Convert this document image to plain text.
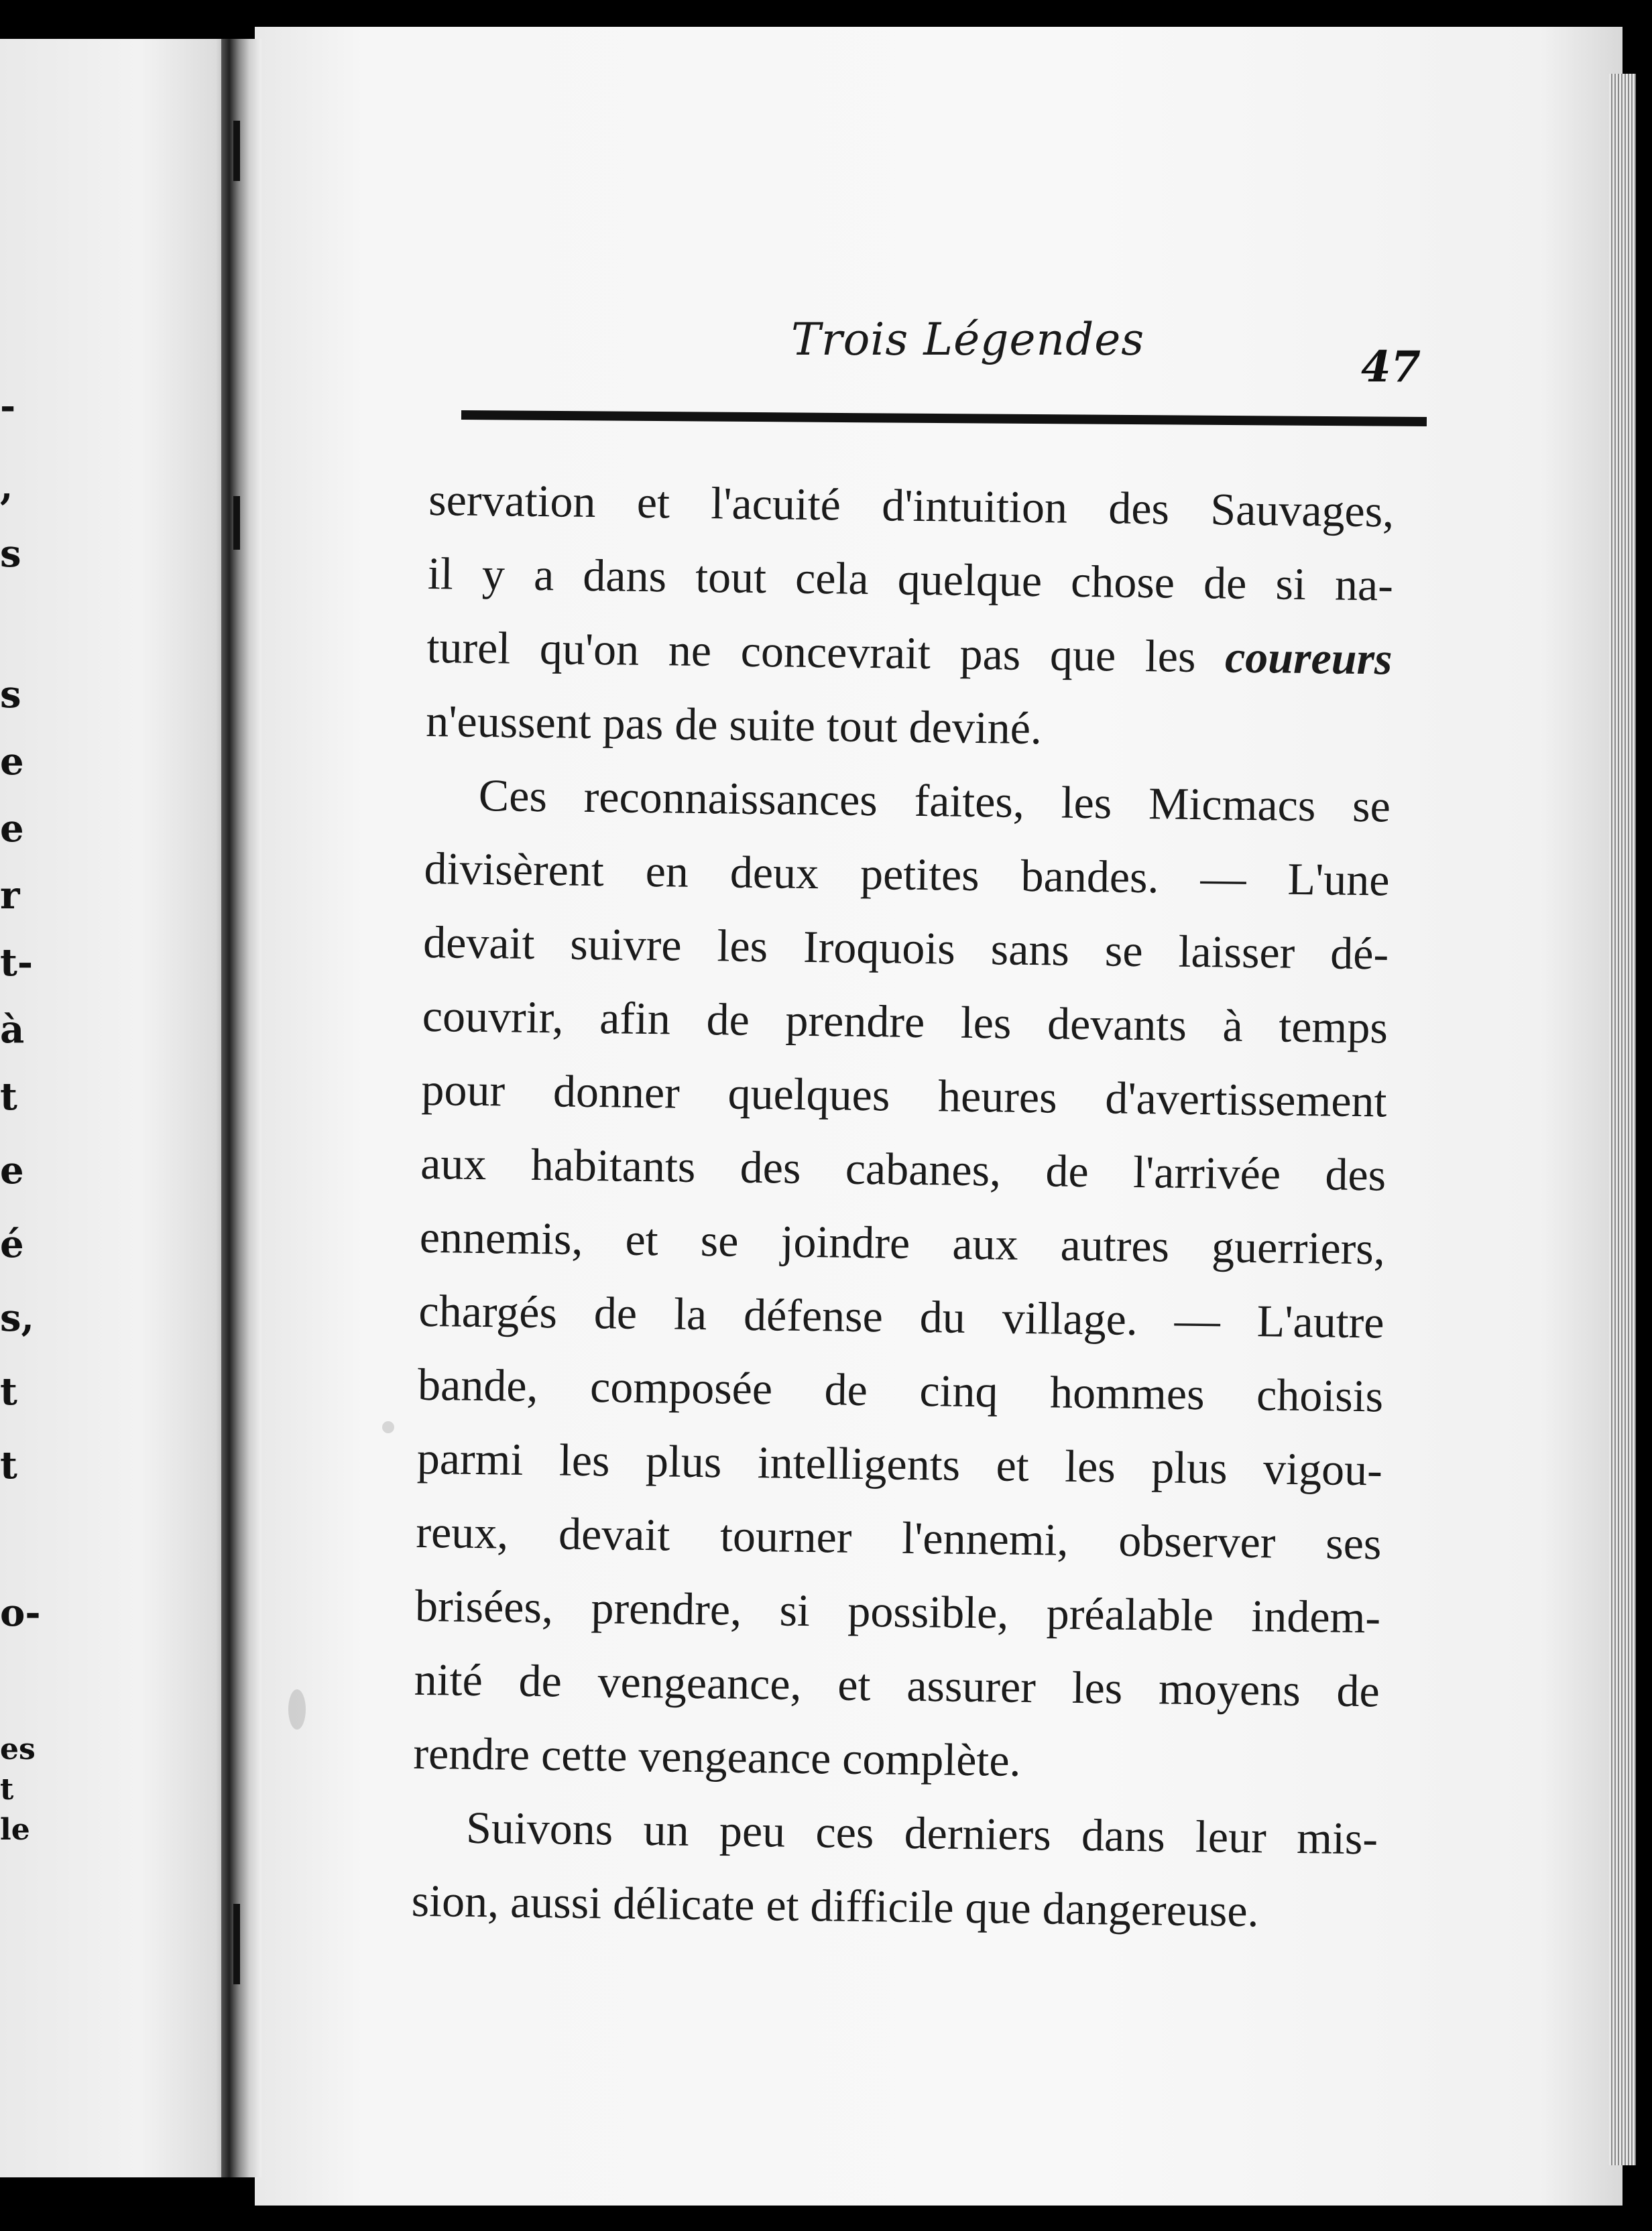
-
,
s
s
e
e
r
t-
à
t
e
é
s,
t
t
o-
es
t
le
Trois Légendes
47
servation et l'acuité d'intuition des Sauvages,
il y a dans tout cela quelque chose de si na-
turel qu'on ne concevrait pas que les coureurs
n'eussent pas de suite tout deviné.
Ces reconnaissances faites, les Micmacs se
divisèrent en deux petites bandes. — L'une
devait suivre les Iroquois sans se laisser dé-
couvrir, afin de prendre les devants à temps
pour donner quelques heures d'avertissement
aux habitants des cabanes, de l'arrivée des
ennemis, et se joindre aux autres guerriers,
chargés de la défense du village. — L'autre
bande, composée de cinq hommes choisis
parmi les plus intelligents et les plus vigou-
reux, devait tourner l'ennemi, observer ses
brisées, prendre, si possible, préalable indem-
nité de vengeance, et assurer les moyens de
rendre cette vengeance complète.
Suivons un peu ces derniers dans leur mis-
sion, aussi délicate et difficile que dangereuse.
